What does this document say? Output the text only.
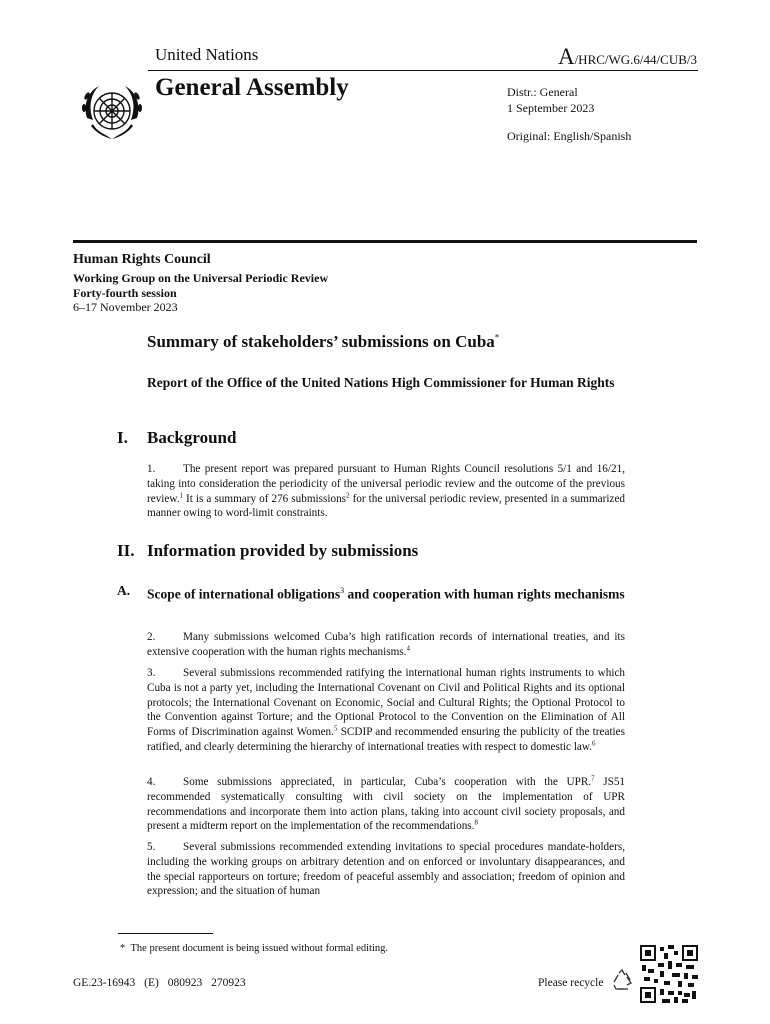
United Nations	A/HRC/WG.6/44/CUB/3
General Assembly	Distr.: General
1 September 2023
Original: English/Spanish
Human Rights Council
Working Group on the Universal Periodic Review
Forty-fourth session
6–17 November 2023
Summary of stakeholders’ submissions on Cuba*
Report of the Office of the United Nations High Commissioner for Human Rights
I. Background
1. The present report was prepared pursuant to Human Rights Council resolutions 5/1 and 16/21, taking into consideration the periodicity of the universal periodic review and the outcome of the previous review.$^1$ It is a summary of 276 submissions$^2$ for the universal periodic review, presented in a summarized manner owing to word-limit constraints.
II. Information provided by submissions
A. Scope of international obligations$^3$ and cooperation with human rights mechanisms
2. Many submissions welcomed Cuba’s high ratification records of international treaties, and its extensive cooperation with the human rights mechanisms.$^4$
3. Several submissions recommended ratifying the international human rights instruments to which Cuba is not a party yet, including the International Covenant on Civil and Political Rights and its optional protocols; the International Covenant on Economic, Social and Cultural Rights; the Optional Protocol to the Convention against Torture; and the Optional Protocol to the Convention on the Elimination of All Forms of Discrimination against Women.$^5$ SCDIP and recommended ensuring the publicity of the treaties ratified, and clearly determining the hierarchy of international treaties with respect to domestic law.$^6$
4. Some submissions appreciated, in particular, Cuba’s cooperation with the UPR.$^7$ JS51 recommended systematically consulting with civil society on the implementation of UPR recommendations and incorporate them into action plans, taking into account civil society proposals, and present a midterm report on the implementation of the recommendations.$^8$
5. Several submissions recommended extending invitations to special procedures mandate-holders, including the working groups on arbitrary detention and on enforced or involuntary disappearances, and the special rapporteurs on torture; freedom of peaceful assembly and association; freedom of opinion and expression; and the situation of human
* The present document is being issued without formal editing.
GE.23-16943 (E) 080923 270923	Please recycle
